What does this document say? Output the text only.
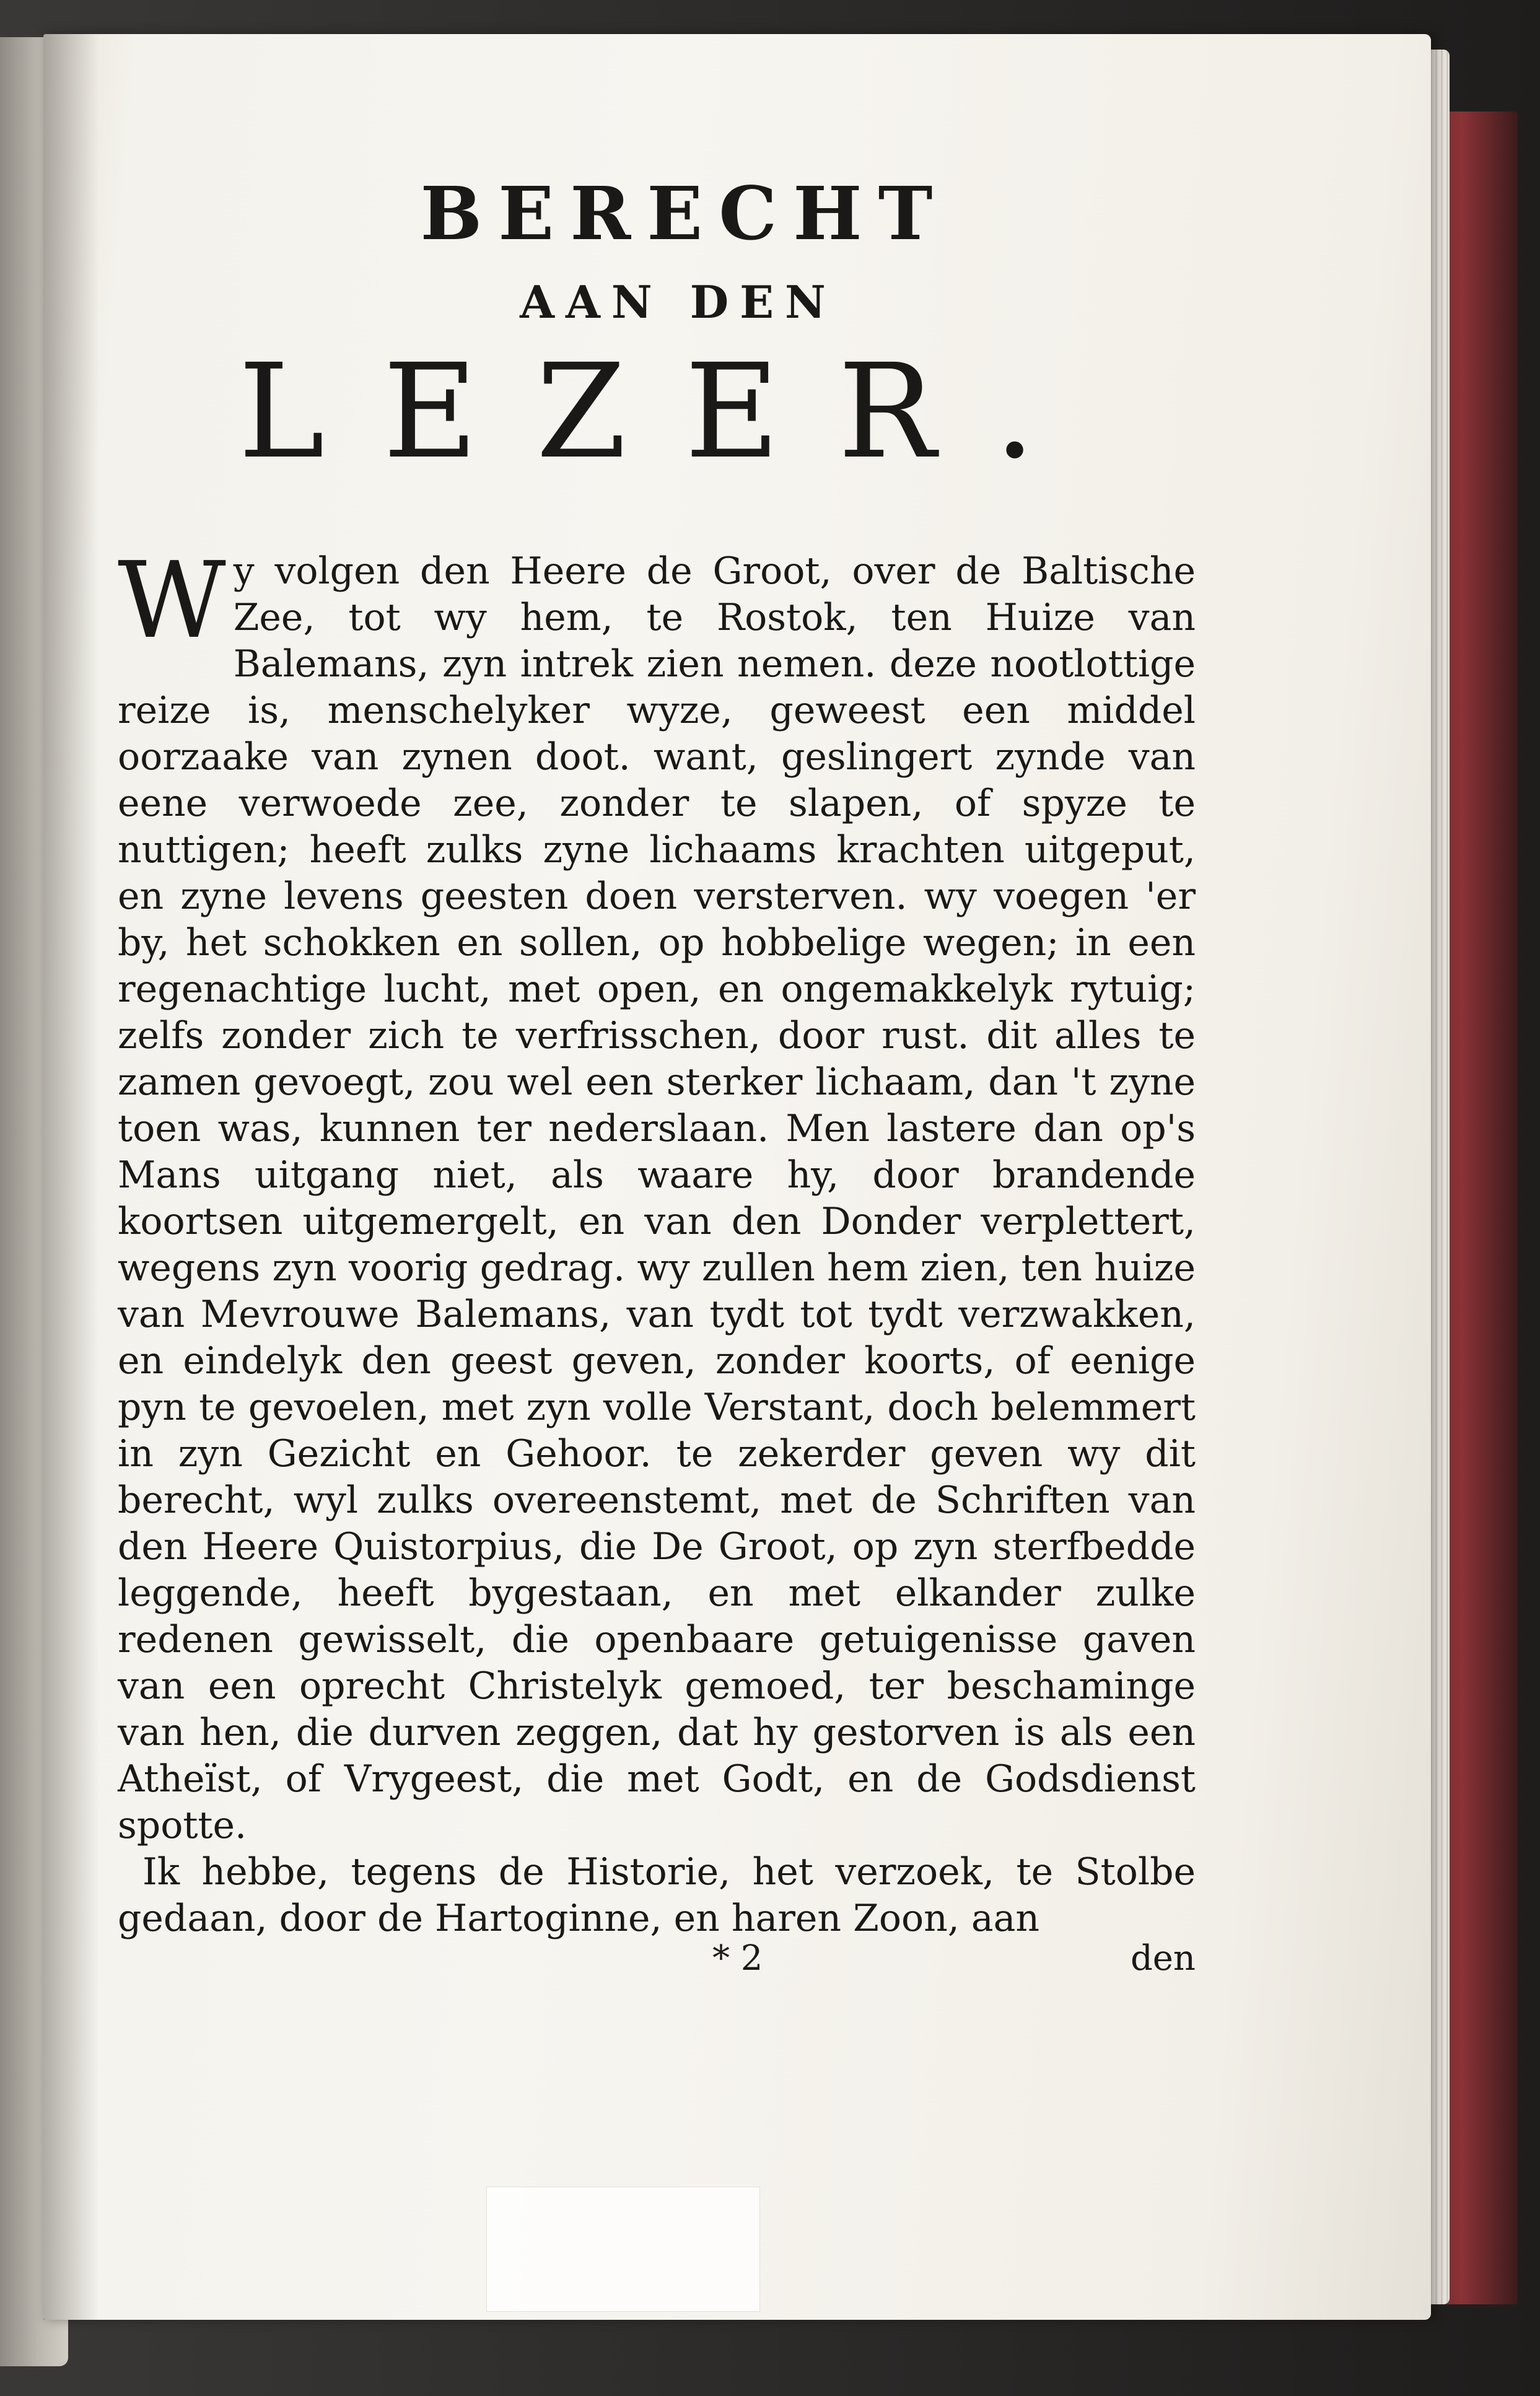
BERECHT
AAN DEN
LEZER.

Wy volgen den Heere de Groot, over de Baltische Zee, tot wy hem, te Rostok, ten Huize van Balemans, zyn intrek zien nemen. deze nootlottige reize is, menschelyker wyze, geweest een middel oorzaake van zynen doot. want, geslingert zynde van eene verwoede zee, zonder te slapen, of spyze te nuttigen; heeft zulks zyne lichaams krachten uitgeput, en zyne levens geesten doen versterven. wy voegen 'er by, het schokken en sollen, op hobbelige wegen; in een regenachtige lucht, met open, en ongemakkelyk rytuig; zelfs zonder zich te verfrisschen, door rust. dit alles te zamen gevoegt, zou wel een sterker lichaam, dan 't zyne toen was, kunnen ter nederslaan. Men lastere dan op's Mans uitgang niet, als waare hy, door brandende koortsen uitgemergelt, en van den Donder verplettert, wegens zyn voorig gedrag. wy zullen hem zien, ten huize van Mevrouwe Balemans, van tydt tot tydt verzwakken, en eindelyk den geest geven, zonder koorts, of eenige pyn te gevoelen, met zyn volle Verstant, doch belemmert in zyn Gezicht en Gehoor. te zekerder geven wy dit berecht, wyl zulks overeenstemt, met de Schriften van den Heere Quistorpius, die De Groot, op zyn sterfbedde leggende, heeft bygestaan, en met elkander zulke redenen gewisselt, die openbaare getuigenisse gaven van een oprecht Christelyk gemoed, ter beschaminge van hen, die durven zeggen, dat hy gestorven is als een Atheïst, of Vrygeest, die met Godt, en de Godsdienst spotte.

Ik hebbe, tegens de Historie, het verzoek, te Stolbe gedaan, door de Hartoginne, en haren Zoon, aan

* 2	den
